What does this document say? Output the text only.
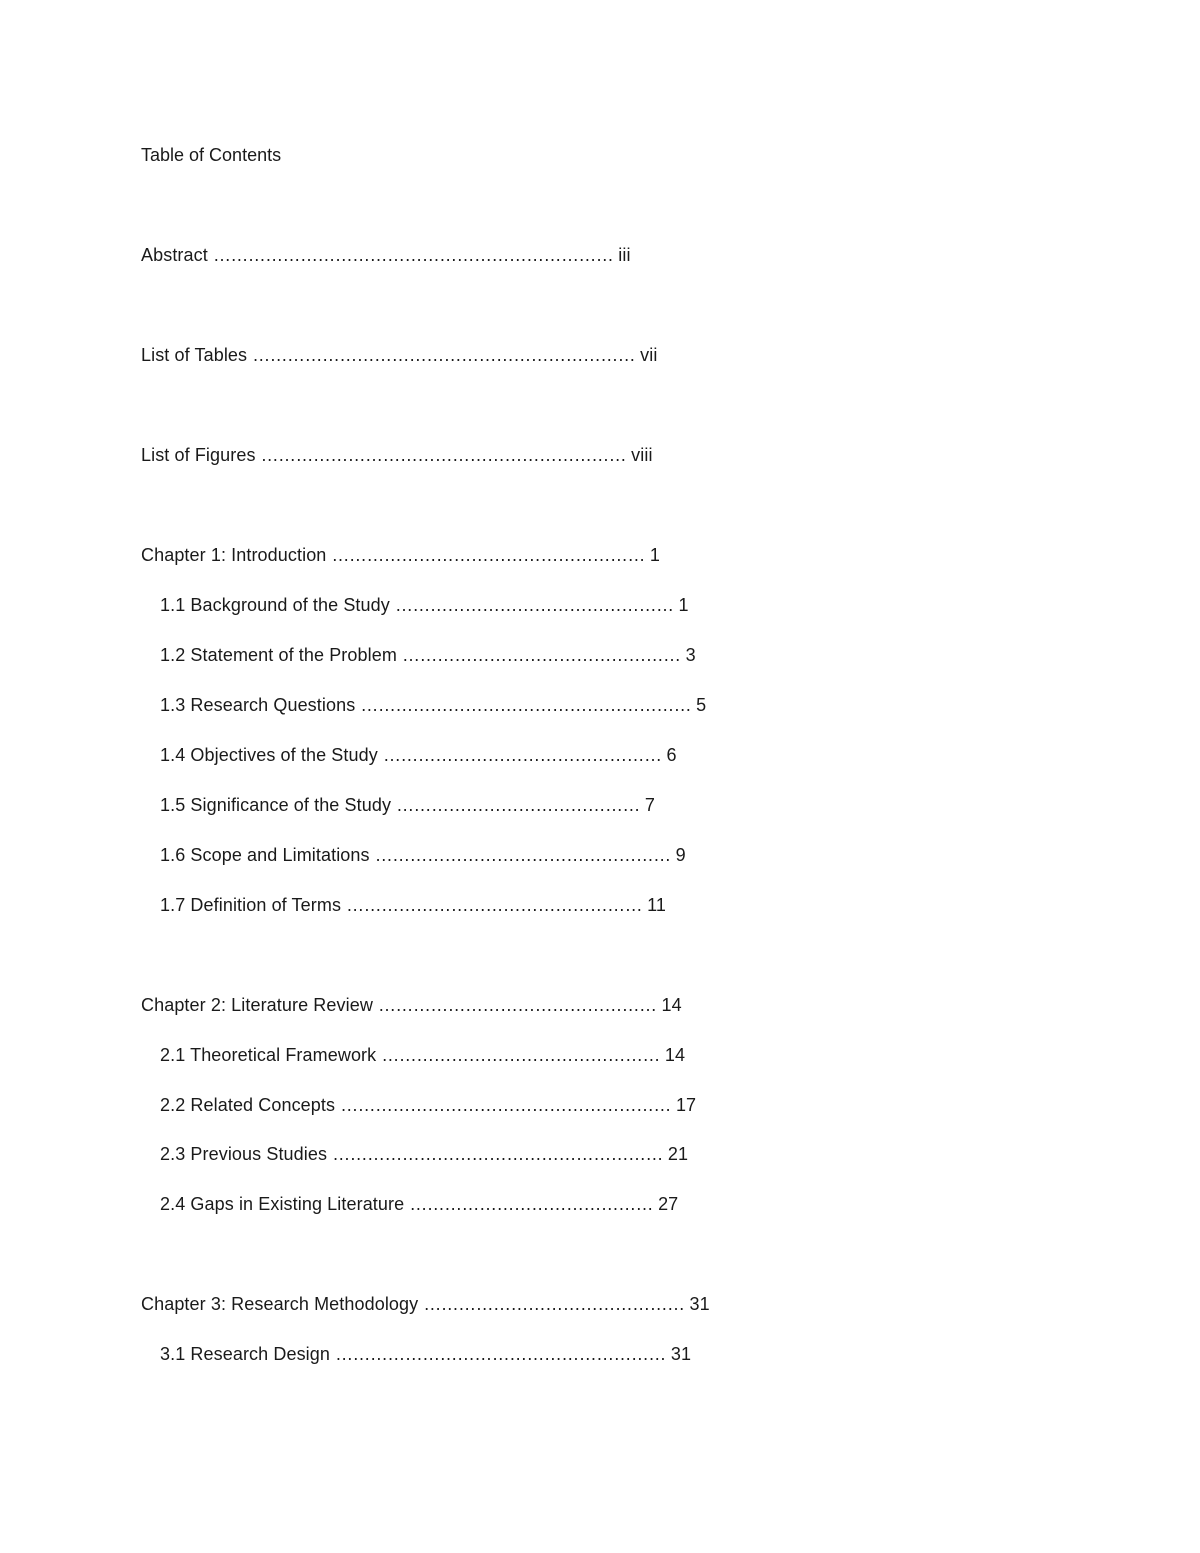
Table of Contents
Abstract …………………………………………………………… iii
List of Tables ………………………………………………………… vii
List of Figures ……………………………………………………… viii
Chapter 1: Introduction ……………………………………………… 1
1.1 Background of the Study ………………………………………… 1
1.2 Statement of the Problem ………………………………………… 3
1.3 Research Questions ………………………………………………… 5
1.4 Objectives of the Study ………………………………………… 6
1.5 Significance of the Study …………………………………… 7
1.6 Scope and Limitations …………………………………………… 9
1.7 Definition of Terms …………………………………………… 11
Chapter 2: Literature Review ………………………………………… 14
2.1 Theoretical Framework ………………………………………… 14
2.2 Related Concepts ………………………………………………… 17
2.3 Previous Studies ………………………………………………… 21
2.4 Gaps in Existing Literature …………………………………… 27
Chapter 3: Research Methodology ……………………………………… 31
3.1 Research Design ………………………………………………… 31
